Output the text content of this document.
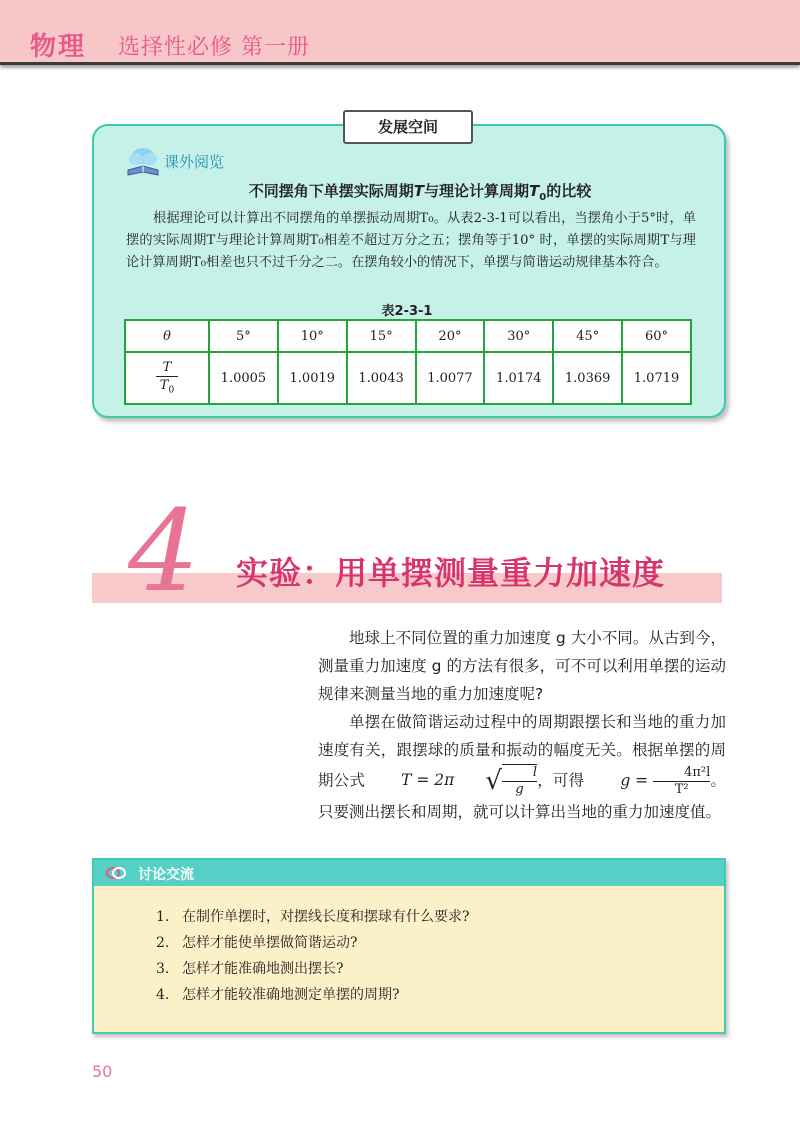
物理 选择性必修 第一册
发展空间
课外阅览
不同摆角下单摆实际周期T与理论计算周期$T_0$的比较

根据理论可以计算出不同摆角的单摆振动周期T₀。从表2-3-1可以看出，当摆角小于5°时，单摆的实际周期T与理论计算周期T₀相差不超过万分之五；摆角等于10° 时，单摆的实际周期T与理论计算周期T₀相差也只不过千分之二。在摆角较小的情况下，单摆与简谐运动规律基本符合。

表2-3-1
θ	5°	10°	15°	20°	30°	45°	60°

$\frac{T}{T_0}$	1.0005	1.0019	1.0043	1.0077	1.0174	1.0369	1.0719
4 实验：用单摆测量重力加速度

地球上不同位置的重力加速度 g 大小不同。从古到今，测量重力加速度 g 的方法有很多，可不可以利用单摆的运动规律来测量当地的重力加速度呢?

单摆在做简谐运动过程中的周期跟摆长和当地的重力加速度有关，跟摆球的质量和振动的幅度无关。根据单摆的周期公式 T = 2π √ l
g ，可得 g =	4π²l
T² 。只要测出摆长和周期，就可以计算出当地的重力加速度值。

讨论交流
1. 在制作单摆时，对摆线长度和摆球有什么要求?
2. 怎样才能使单摆做简谐运动?
3. 怎样才能准确地测出摆长?
4. 怎样才能较准确地测定单摆的周期?
50
